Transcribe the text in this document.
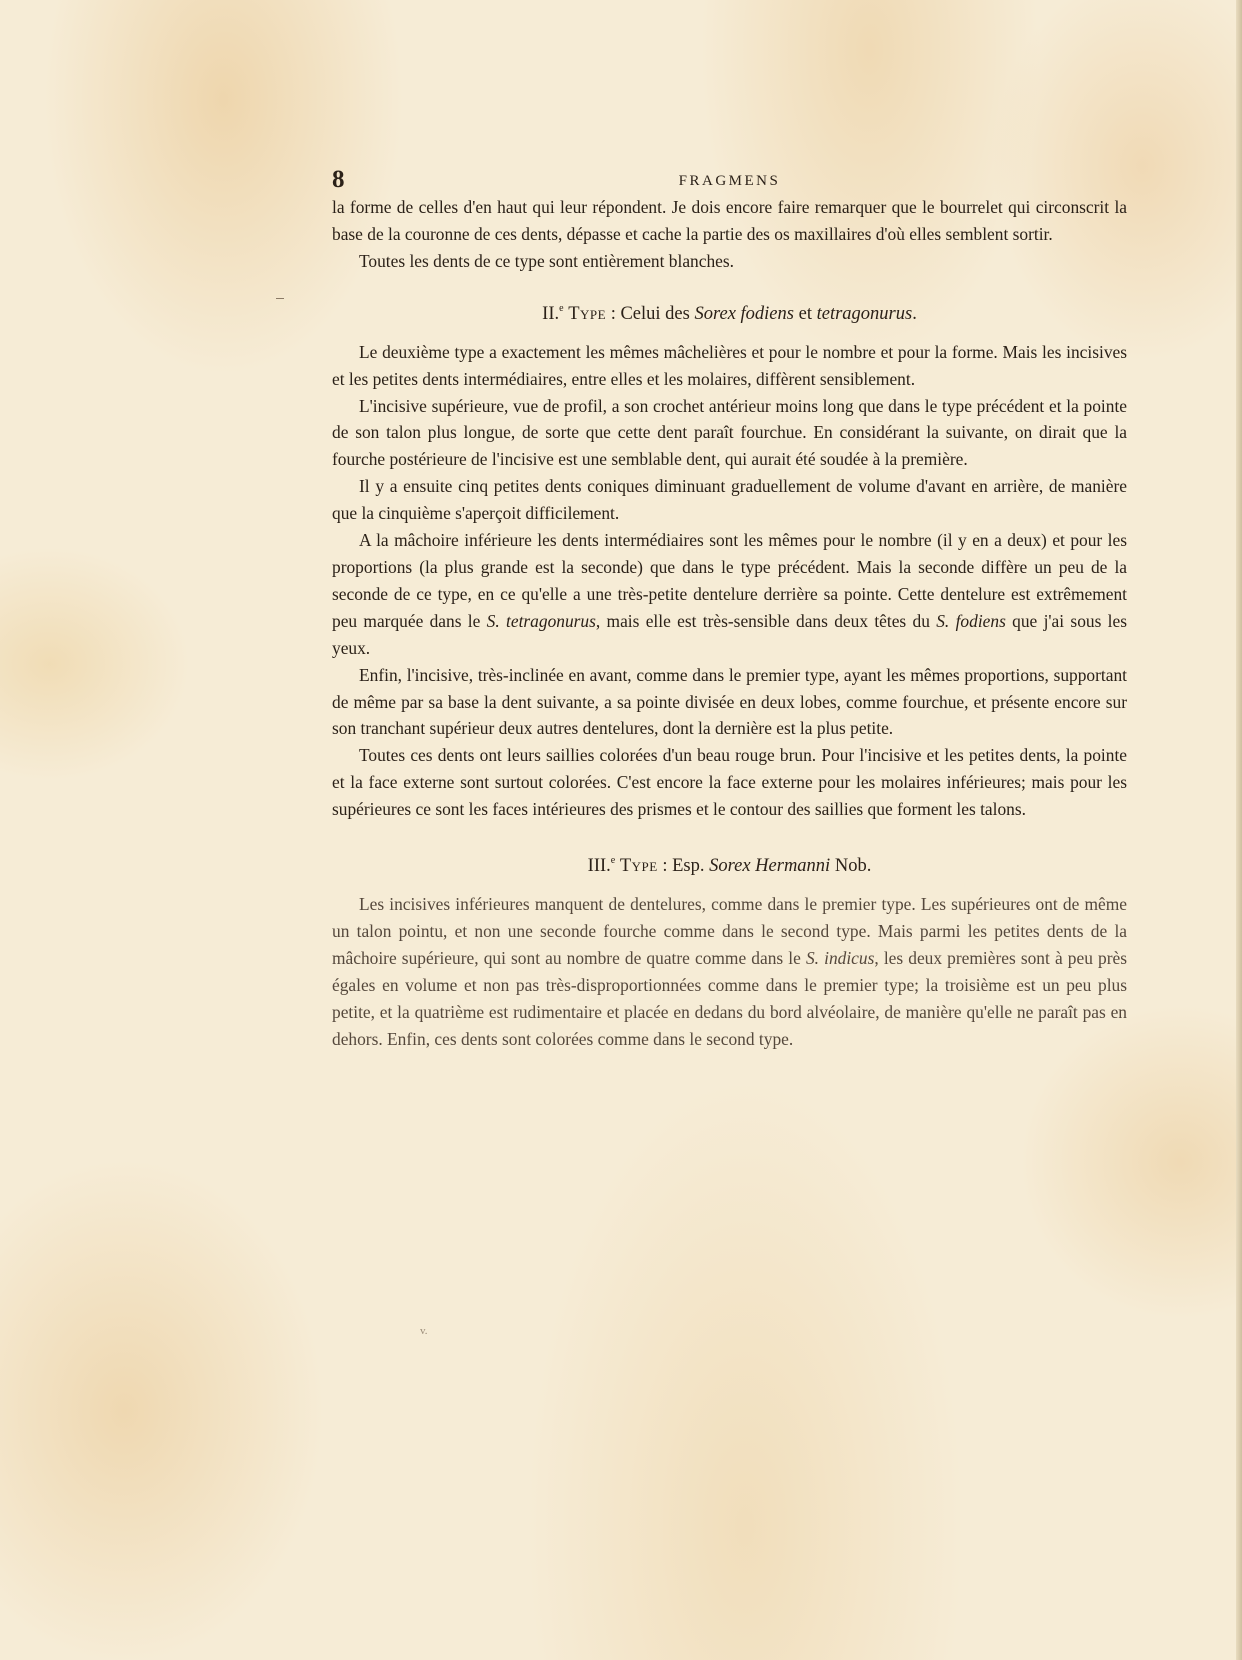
8	FRAGMENS

la forme de celles d'en haut qui leur répondent. Je dois encore faire remarquer que le bourrelet qui circonscrit la base de la couronne de ces dents, dépasse et cache la partie des os maxillaires d'où elles semblent sortir.

Toutes les dents de ce type sont entièrement blanches.

II.$^e$ Type : Celui des Sorex fodiens et tetragonurus.

Le deuxième type a exactement les mêmes mâchelières et pour le nombre et pour la forme. Mais les incisives et les petites dents intermédiaires, entre elles et les molaires, diffèrent sensiblement.

L'incisive supérieure, vue de profil, a son crochet antérieur moins long que dans le type précédent et la pointe de son talon plus longue, de sorte que cette dent paraît fourchue. En considérant la suivante, on dirait que la fourche postérieure de l'incisive est une semblable dent, qui aurait été soudée à la première.

Il y a ensuite cinq petites dents coniques diminuant graduellement de volume d'avant en arrière, de manière que la cinquième s'aperçoit difficilement.

A la mâchoire inférieure les dents intermédiaires sont les mêmes pour le nombre (il y en a deux) et pour les proportions (la plus grande est la seconde) que dans le type précédent. Mais la seconde diffère un peu de la seconde de ce type, en ce qu'elle a une très-petite dentelure derrière sa pointe. Cette dentelure est extrêmement peu marquée dans le S. tetragonurus, mais elle est très-sensible dans deux têtes du S. fodiens que j'ai sous les yeux.

Enfin, l'incisive, très-inclinée en avant, comme dans le premier type, ayant les mêmes proportions, supportant de même par sa base la dent suivante, a sa pointe divisée en deux lobes, comme fourchue, et présente encore sur son tranchant supérieur deux autres dentelures, dont la dernière est la plus petite.

Toutes ces dents ont leurs saillies colorées d'un beau rouge brun. Pour l'incisive et les petites dents, la pointe et la face externe sont surtout colorées. C'est encore la face externe pour les molaires inférieures; mais pour les supérieures ce sont les faces intérieures des prismes et le contour des saillies que forment les talons.

III.$^e$ Type : Esp. Sorex Hermanni Nob.

Les incisives inférieures manquent de dentelures, comme dans le premier type. Les supérieures ont de même un talon pointu, et non une seconde fourche comme dans le second type. Mais parmi les petites dents de la mâchoire supérieure, qui sont au nombre de quatre comme dans le S. indicus, les deux premières sont à peu près égales en volume et non pas très-disproportionnées comme dans le premier type; la troisième est un peu plus petite, et la quatrième est rudimentaire et placée en dedans du bord alvéolaire, de manière qu'elle ne paraît pas en dehors. Enfin, ces dents sont colorées comme dans le second type.

v.
